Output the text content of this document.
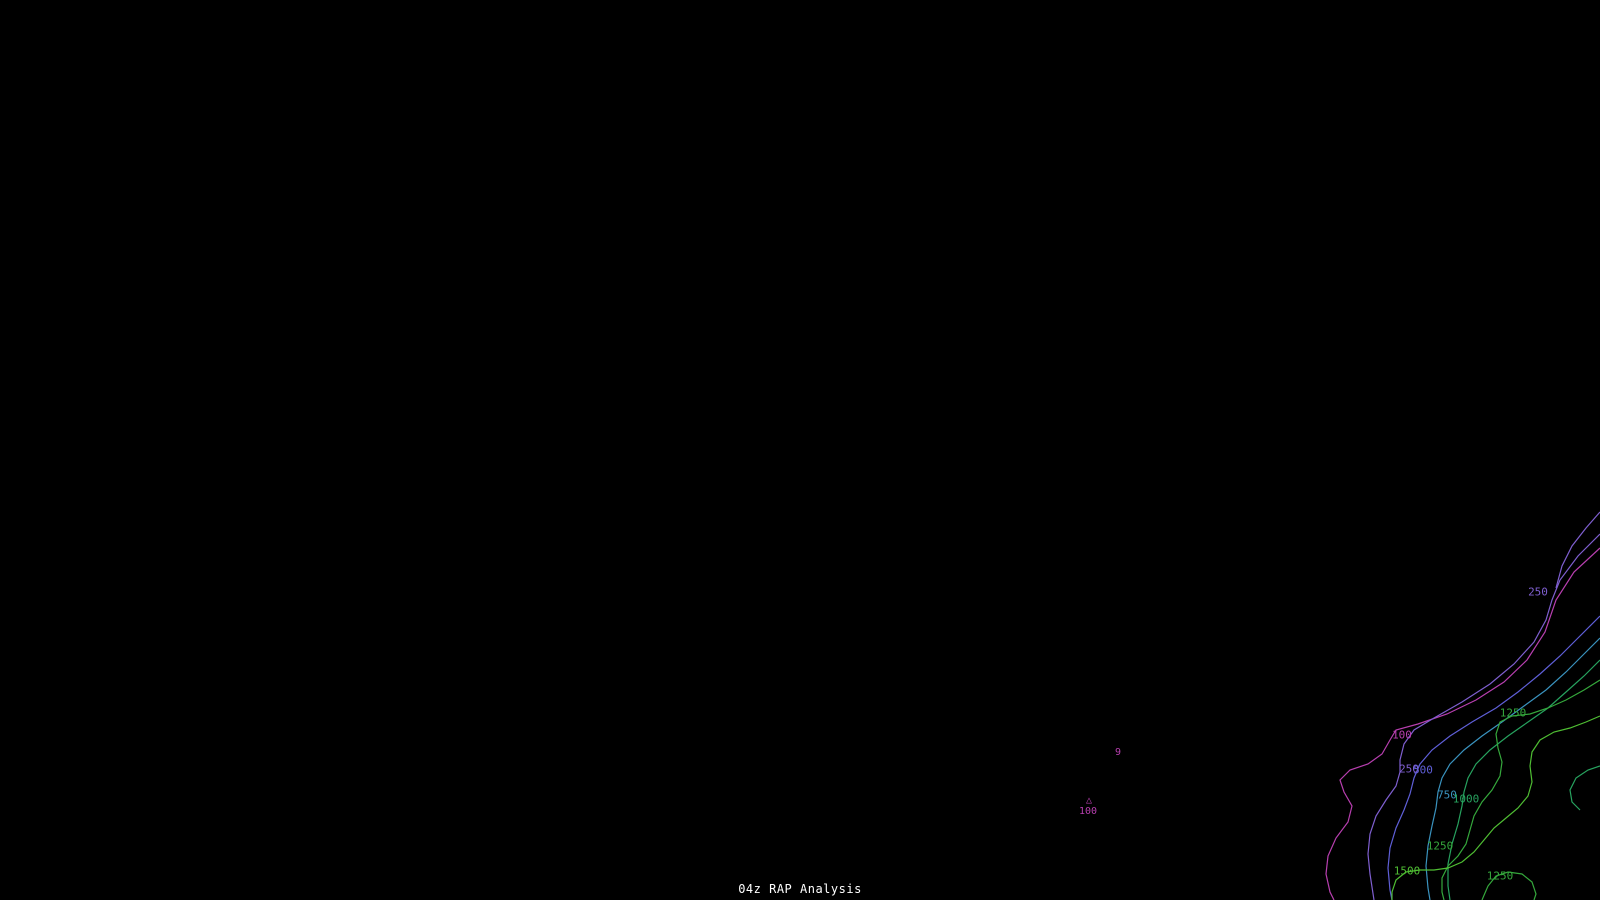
250
1250
100
250
500
750
1000
1250
1500	1250
9
△
100
04z RAP Analysis
